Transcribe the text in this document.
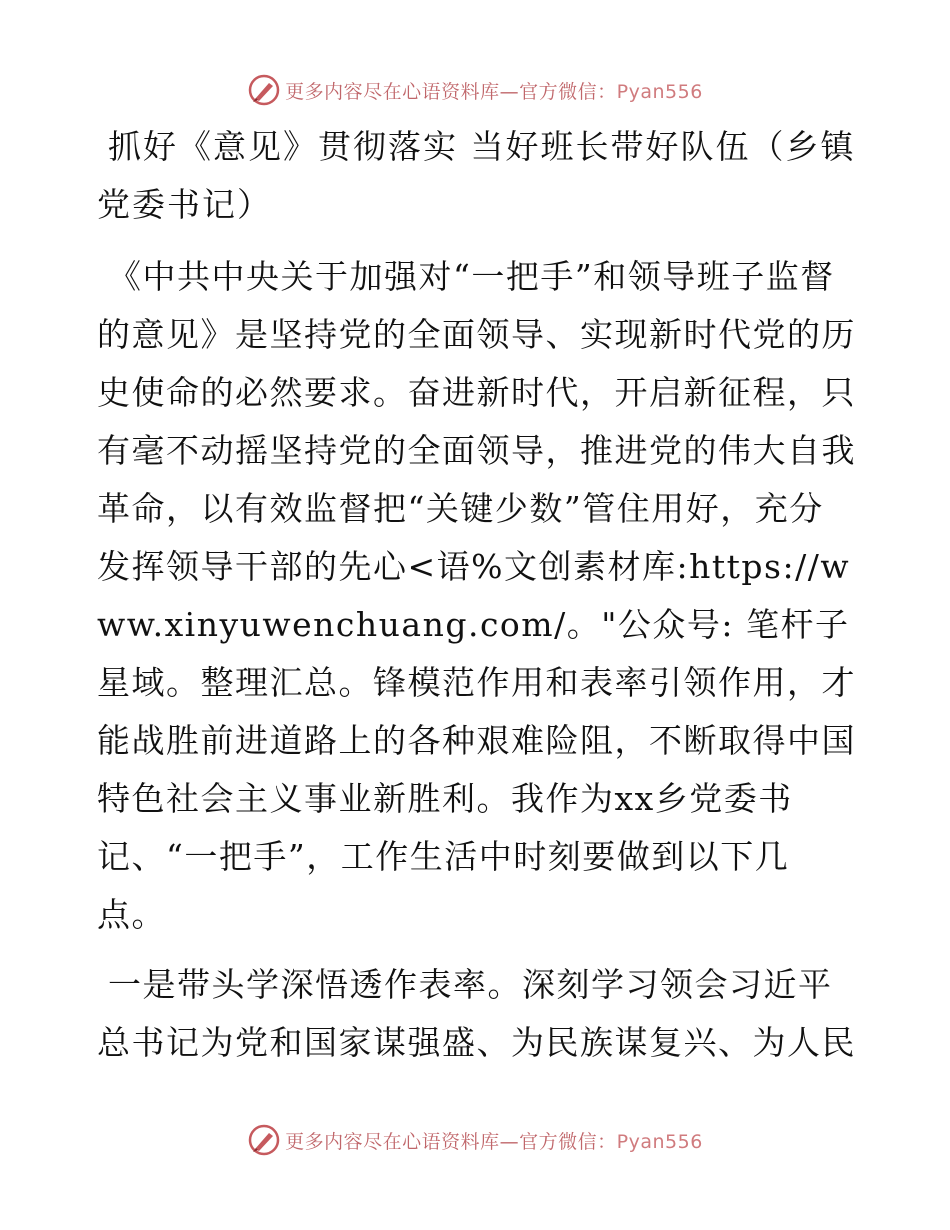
更多内容尽在心语资料库—官方微信：Pyan556
抓好《意见》贯彻落实 当好班长带好队伍（乡镇党委书记）

《中共中央关于加强对“一把手”和领导班子监督的意见》是坚持党的全面领导、实现新时代党的历史使命的必然要求。奋进新时代，开启新征程，只有毫不动摇坚持党的全面领导，推进党的伟大自我革命，以有效监督把“关键少数”管住用好，充分发挥领导干部的先心<语%文创素材库:https://www.xinyuwenchuang.com/。"公众号: 笔杆子星域。整理汇总。锋模范作用和表率引领作用，才能战胜前进道路上的各种艰难险阻，不断取得中国特色社会主义事业新胜利。我作为xx乡党委书记、“一把手”，工作生活中时刻要做到以下几点。

一是带头学深悟透作表率。深刻学习领会习近平总书记为党和国家谋强盛、为民族谋复兴、为人民

更多内容尽在心语资料库—官方微信：Pyan556
